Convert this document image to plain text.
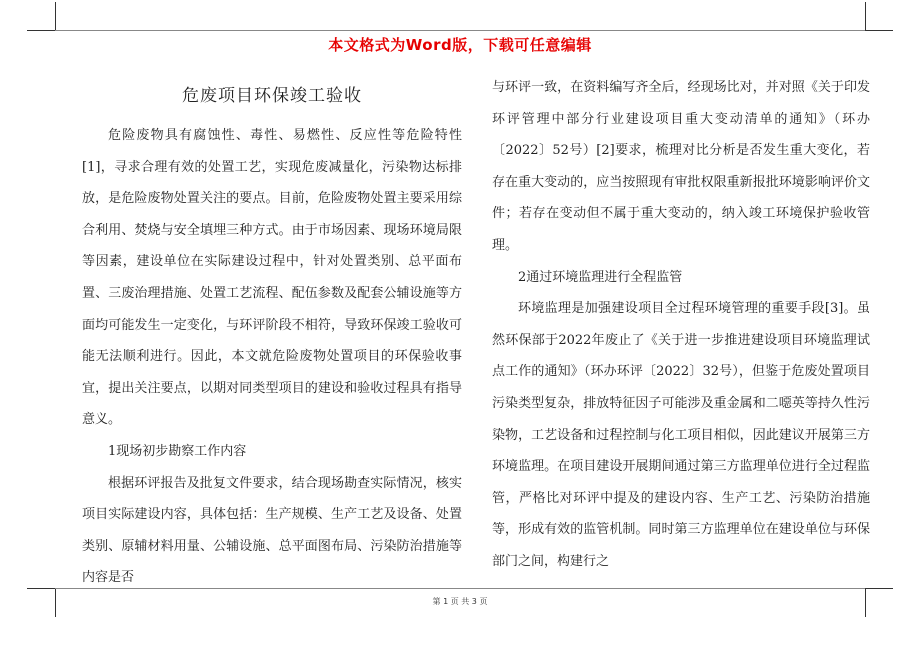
本文格式为Word版，下载可任意编辑
危废项目环保竣工验收

危险废物具有腐蚀性、毒性、易燃性、反应性等危险特性[1]，寻求合理有效的处置工艺，实现危废减量化，污染物达标排放，是危险废物处置关注的要点。目前，危险废物处置主要采用综合利用、焚烧与安全填埋三种方式。由于市场因素、现场环境局限等因素，建设单位在实际建设过程中，针对处置类别、总平面布置、三废治理措施、处置工艺流程、配伍参数及配套公辅设施等方面均可能发生一定变化，与环评阶段不相符，导致环保竣工验收可能无法顺利进行。因此，本文就危险废物处置项目的环保验收事宜，提出关注要点，以期对同类型项目的建设和验收过程具有指导意义。

1现场初步勘察工作内容

根据环评报告及批复文件要求，结合现场勘查实际情况，核实项目实际建设内容，具体包括：生产规模、生产工艺及设备、处置类别、原辅材料用量、公辅设施、总平面图布局、污染防治措施等内容是否

与环评一致，在资料编写齐全后，经现场比对，并对照《关于印发环评管理中部分行业建设项目重大变动清单的通知》（环办〔2022〕52号）[2]要求，梳理对比分析是否发生重大变化，若存在重大变动的，应当按照现有审批权限重新报批环境影响评价文件；若存在变动但不属于重大变动的，纳入竣工环境保护验收管理。

2通过环境监理进行全程监管

环境监理是加强建设项目全过程环境管理的重要手段[3]。虽然环保部于2022年废止了《关于进一步推进建设项目环境监理试点工作的通知》（环办环评〔2022〕32号），但鉴于危废处置项目污染类型复杂，排放特征因子可能涉及重金属和二噁英等持久性污染物，工艺设备和过程控制与化工项目相似，因此建议开展第三方环境监理。在项目建设开展期间通过第三方监理单位进行全过程监管，严格比对环评中提及的建设内容、生产工艺、污染防治措施等，形成有效的监管机制。同时第三方监理单位在建设单位与环保部门之间，构建行之

第 1 页 共 3 页
